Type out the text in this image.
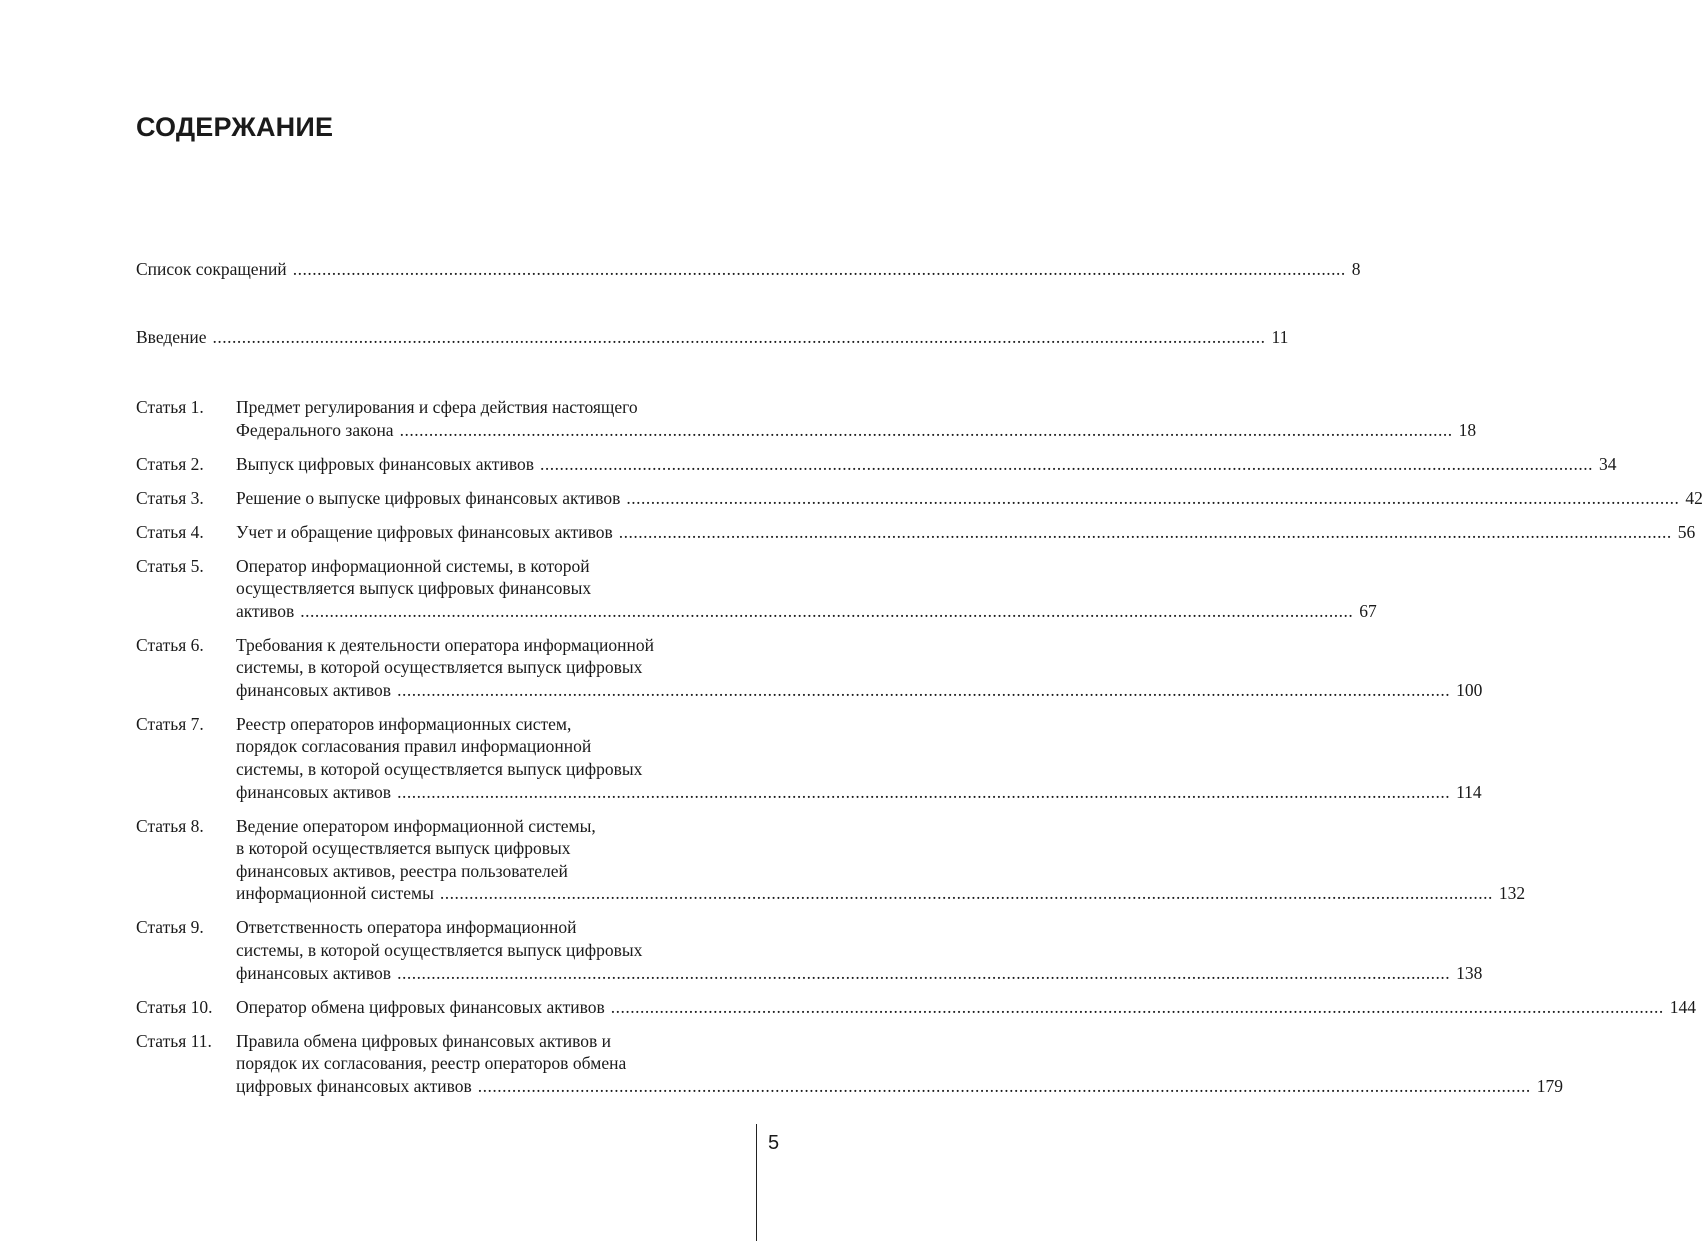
СОДЕРЖАНИЕ
Список сокращений .....	8
Введение .....	11
Статья 1.	Предмет регулирования и сфера действия настоящего
Федерального закона .....	18
Статья 2.	Выпуск цифровых финансовых активов .....	34
Статья 3.	Решение о выпуске цифровых финансовых активов .....	42
Статья 4.	Учет и обращение цифровых финансовых активов .....	56
Статья 5.	Оператор информационной системы, в которой
осуществляется выпуск цифровых финансовых
активов .....	67
Статья 6.	Требования к деятельности оператора информационной
системы, в которой осуществляется выпуск цифровых
финансовых активов .....	100
Статья 7.	Реестр операторов информационных систем,
порядок согласования правил информационной
системы, в которой осуществляется выпуск цифровых
финансовых активов .....	114
Статья 8.	Ведение оператором информационной системы,
в которой осуществляется выпуск цифровых
финансовых активов, реестра пользователей
информационной системы .....	132
Статья 9.	Ответственность оператора информационной
системы, в которой осуществляется выпуск цифровых
финансовых активов .....	138
Статья 10.	Оператор обмена цифровых финансовых активов .....	144
Статья 11.	Правила обмена цифровых финансовых активов и
порядок их согласования, реестр операторов обмена
цифровых финансовых активов .....	179
5
